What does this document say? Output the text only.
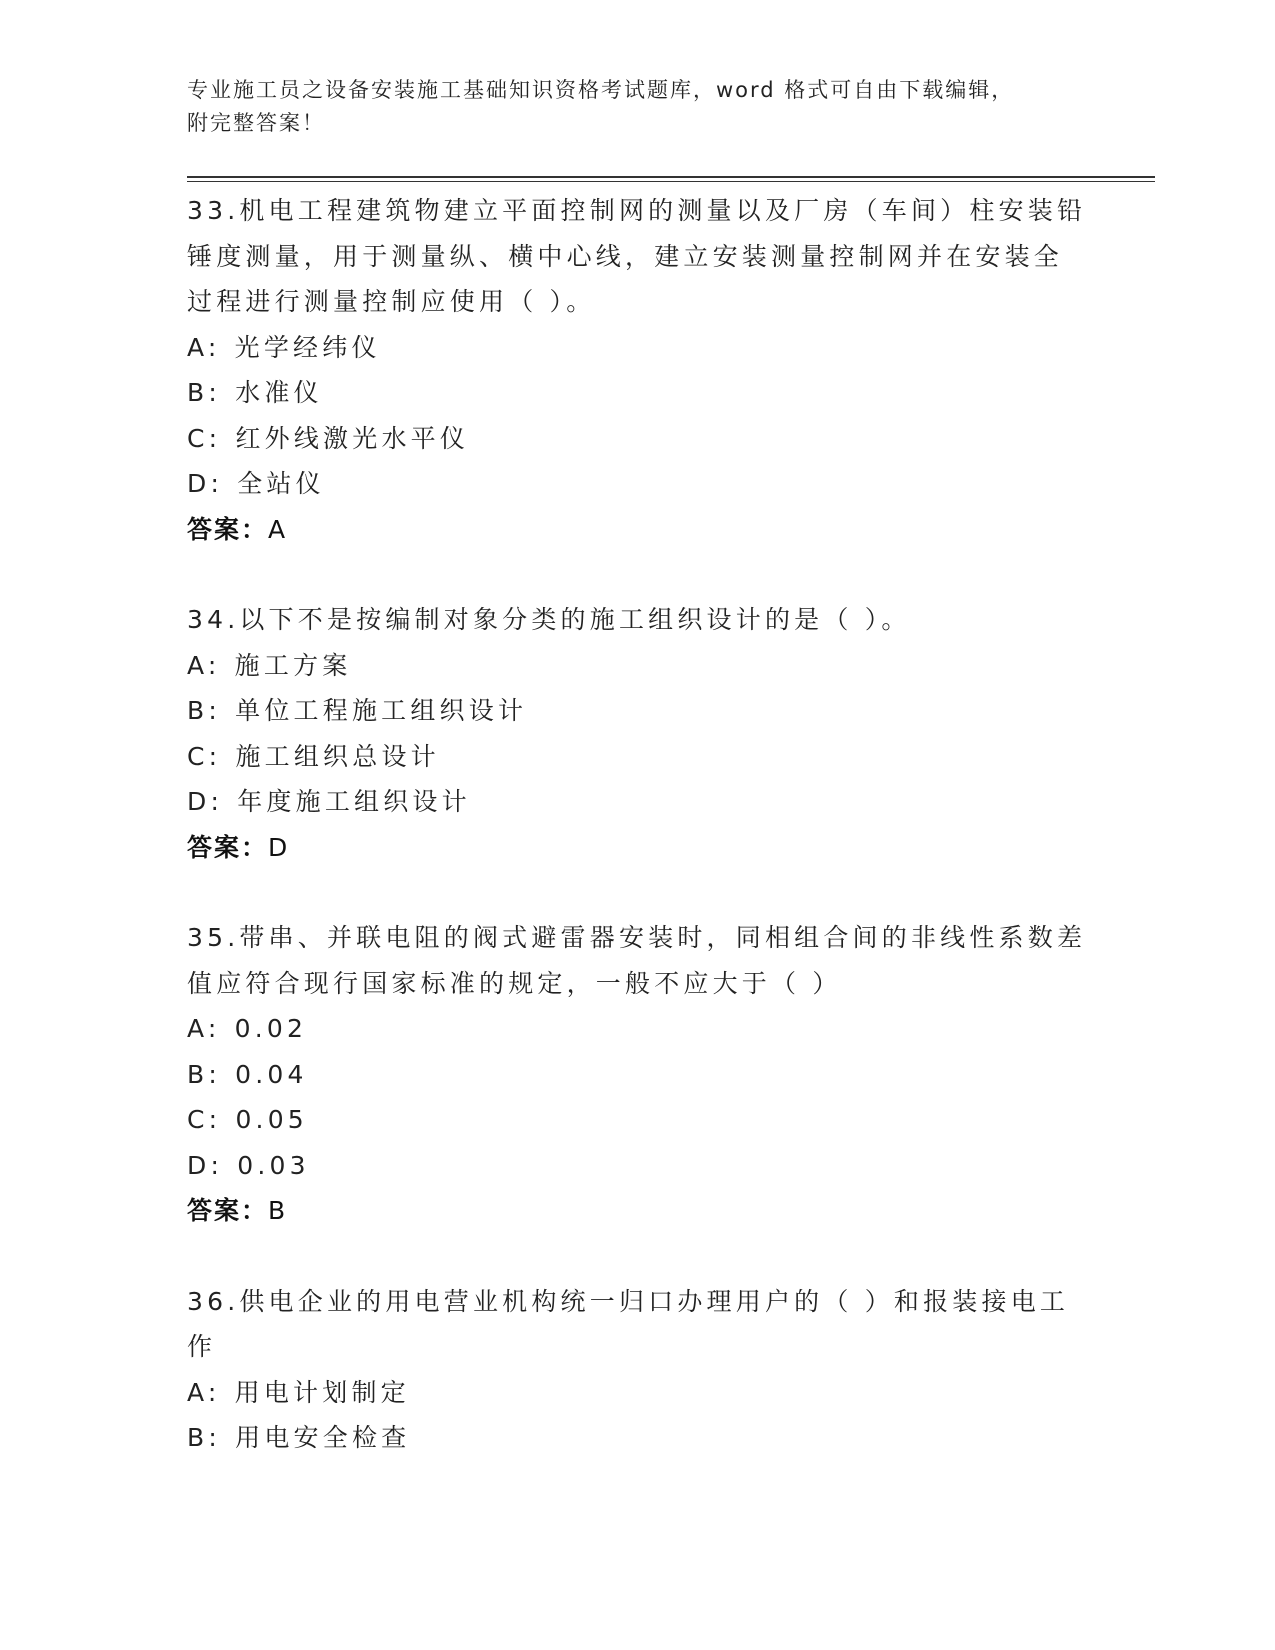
专业施工员之设备安装施工基础知识资格考试题库，word 格式可自由下载编辑，
附完整答案！
33.机电工程建筑物建立平面控制网的测量以及厂房（车间）柱安装铅
锤度测量，用于测量纵、横中心线，建立安装测量控制网并在安装全
过程进行测量控制应使用（ ）。
A: 光学经纬仪
B: 水准仪
C: 红外线激光水平仪
D: 全站仪
答案：A
34.以下不是按编制对象分类的施工组织设计的是（ ）。
A: 施工方案
B: 单位工程施工组织设计
C: 施工组织总设计
D: 年度施工组织设计
答案：D
35.带串、并联电阻的阀式避雷器安装时，同相组合间的非线性系数差
值应符合现行国家标准的规定，一般不应大于（ ）
A: 0.02
B: 0.04
C: 0.05
D: 0.03
答案：B
36.供电企业的用电营业机构统一归口办理用户的（ ）和报装接电工
作
A: 用电计划制定
B: 用电安全检查
